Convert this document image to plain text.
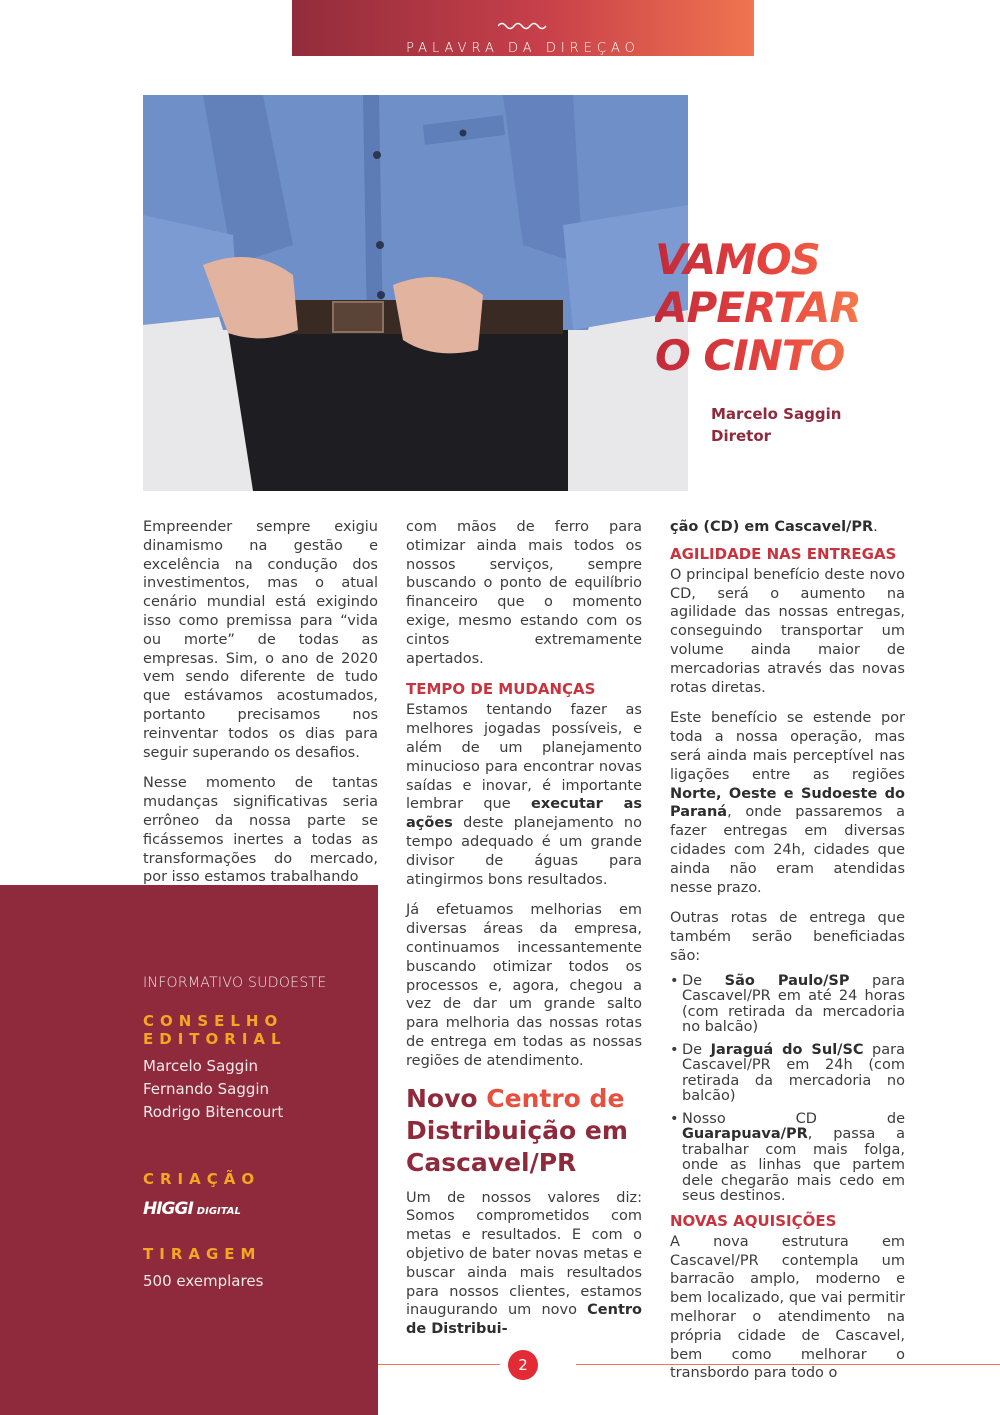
PALAVRA DA DIREÇÃO
VAMOS
APERTAR
O CINTO
Marcelo Saggin
Diretor

Empreender sempre exigiu dinamismo na gestão e excelência na condução dos investimentos, mas o atual cenário mundial está exigindo isso como premissa para “vida ou morte” de todas as empresas. Sim, o ano de 2020 vem sendo diferente de tudo que estávamos acostumados, portanto precisamos nos reinventar todos os dias para seguir superando os desafios.

Nesse momento de tantas mudanças significativas seria errôneo da nossa parte se ficássemos inertes a todas as transformações do mercado, por isso estamos trabalhando

com mãos de ferro para otimizar ainda mais todos os nossos serviços, sempre buscando o ponto de equilíbrio financeiro que o momento exige, mesmo estando com os cintos extremamente apertados.

TEMPO DE MUDANÇAS

Estamos tentando fazer as melhores jogadas possíveis, e além de um planejamento minucioso para encontrar novas saídas e inovar, é importante lembrar que executar as ações deste planejamento no tempo adequado é um grande divisor de águas para atingirmos bons resultados.

Já efetuamos melhorias em diversas áreas da empresa, continuamos incessantemente buscando otimizar todos os processos e, agora, chegou a vez de dar um grande salto para melhoria das nossas rotas de entrega em todas as nossas regiões de atendimento.

Novo Centro de
Distribuição em
Cascavel/PR

Um de nossos valores diz: Somos comprometidos com metas e resultados. E com o objetivo de bater novas metas e buscar ainda mais resultados para nossos clientes, estamos inaugurando um novo Centro de Distribui-

ção (CD) em Cascavel/PR.

AGILIDADE NAS ENTREGAS

O principal benefício deste novo CD, será o aumento na agilidade das nossas entregas, conseguindo transportar um volume ainda maior de mercadorias através das novas rotas diretas.

Este benefício se estende por toda a nossa operação, mas será ainda mais perceptível nas ligações entre as regiões Norte, Oeste e Sudoeste do Paraná, onde passaremos a fazer entregas em diversas cidades com 24h, cidades que ainda não eram atendidas nesse prazo.

Outras rotas de entrega que também serão beneficiadas são:

• De São Paulo/SP para Cascavel/PR em até 24 horas (com retirada da mercadoria no balcão)
• De Jaraguá do Sul/SC para Cascavel/PR em 24h (com retirada da mercadoria no balcão)
• Nosso CD de Guarapuava/PR, passa a trabalhar com mais folga, onde as linhas que partem dele chegarão mais cedo em seus destinos.
NOVAS AQUISIÇÕES

A nova estrutura em Cascavel/PR contempla um barracão amplo, moderno e bem localizado, que vai permitir melhorar o atendimento na própria cidade de Cascavel, bem como melhorar o transbordo para todo o

INFORMATIVO SUDOESTE
CONSELHO EDITORIAL
Marcelo Saggin
Fernando Saggin
Rodrigo Bitencourt
CRIAÇÃO
HIGGI DIGITAL
TIRAGEM
500 exemplares
2
